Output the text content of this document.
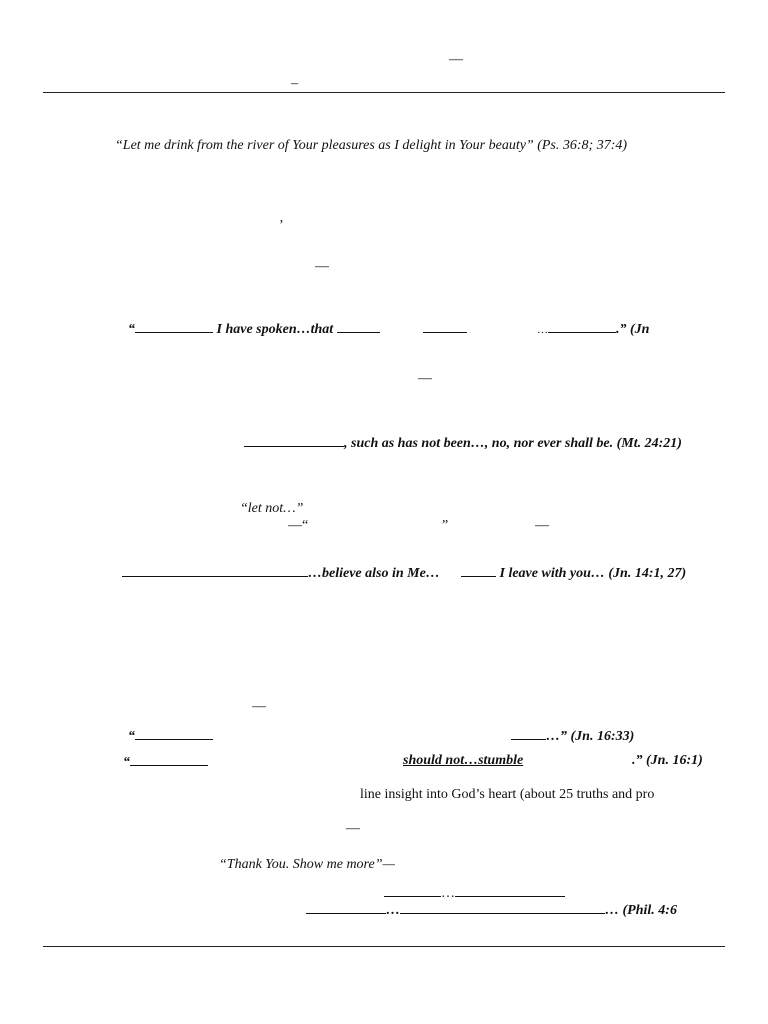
—
–
“Let me drink from the river of Your pleasures as I delight in Your beauty” (Ps. 36:8; 37:4)
’
—
“	I have spoken…that	…	.” (Jn
—
, such as has not been…, no, nor ever shall be. (Mt. 24:21)
“let not…”
—“	”	—
…believe also in Me…	I leave with you… (Jn. 14:1, 27)
—
“	…” (Jn. 16:33)
“	should not…stumble	.” (Jn. 16:1)
line insight into God’s heart (about 25 truths and pro
—
“Thank You. Show me more”—
…
…	… (Phil. 4:6
